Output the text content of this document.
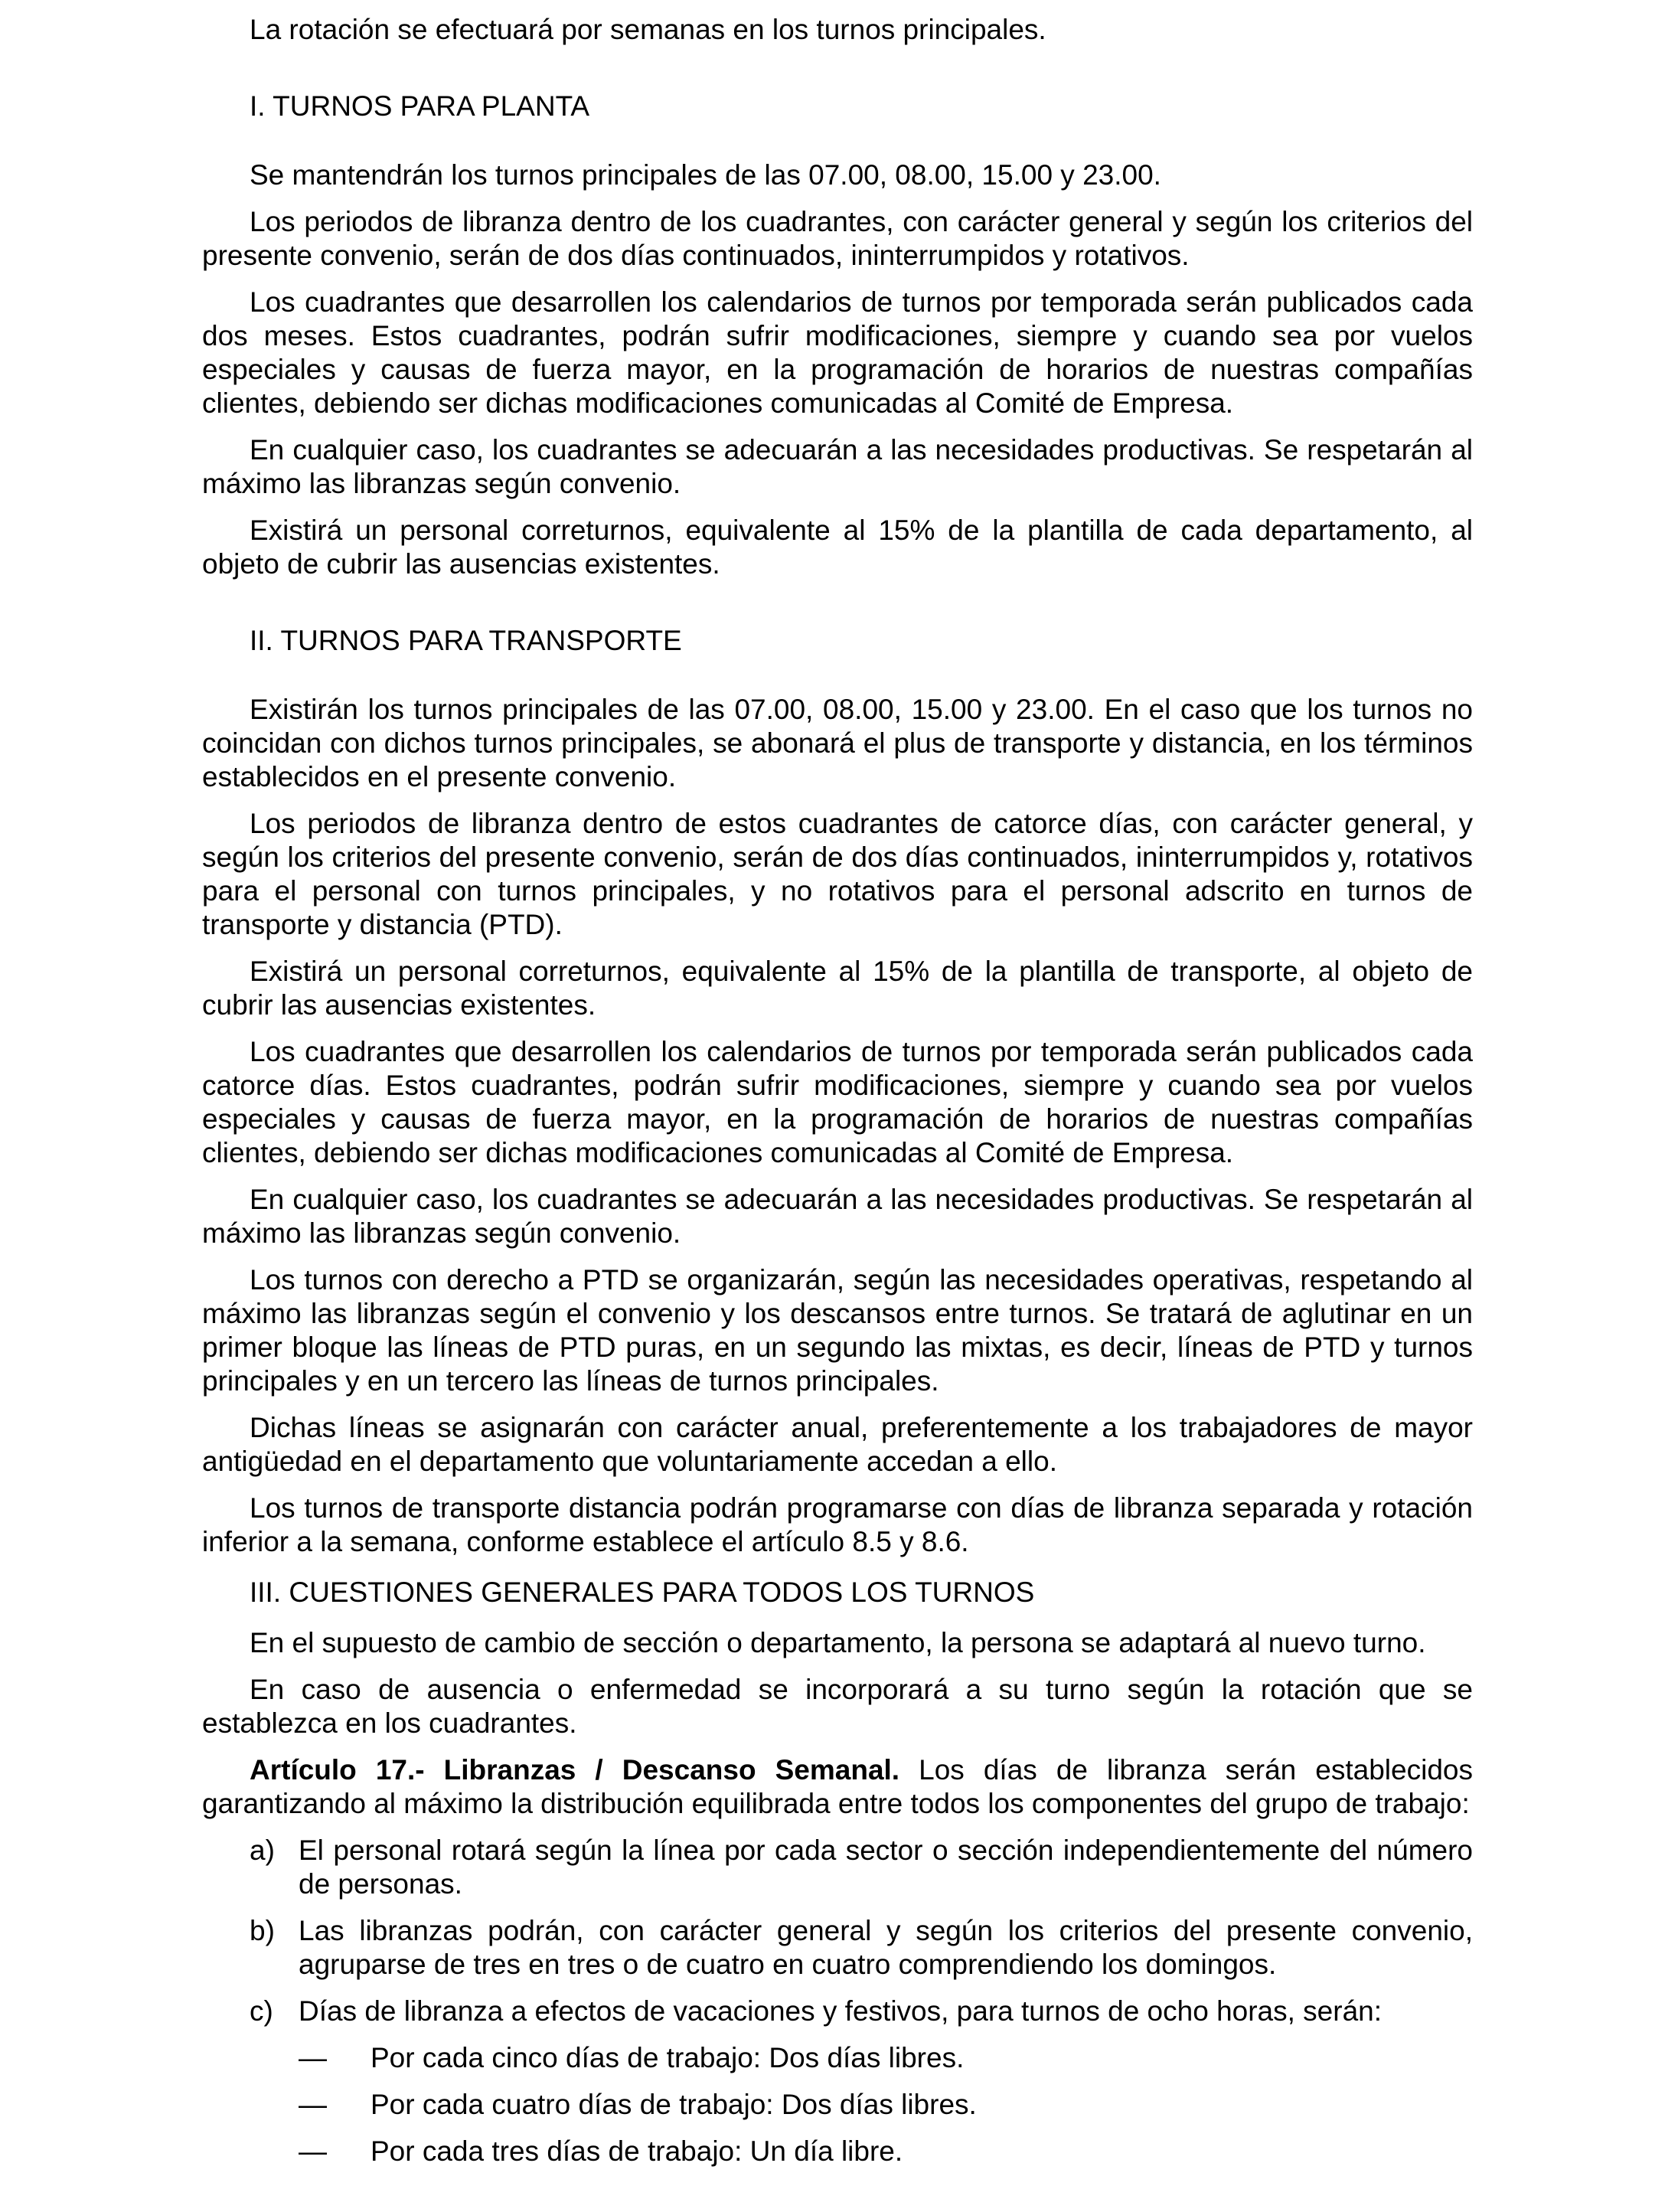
La rotación se efectuará por semanas en los turnos principales.

I. TURNOS PARA PLANTA

Se mantendrán los turnos principales de las 07.00, 08.00, 15.00 y 23.00.

Los periodos de libranza dentro de los cuadrantes, con carácter general y según los criterios del presente convenio, serán de dos días continuados, ininterrumpidos y rotativos.

Los cuadrantes que desarrollen los calendarios de turnos por temporada serán publicados cada dos meses. Estos cuadrantes, podrán sufrir modificaciones, siempre y cuando sea por vuelos especiales y causas de fuerza mayor, en la programación de horarios de nuestras compañías clientes, debiendo ser dichas modificaciones comunicadas al Comité de Empresa.

En cualquier caso, los cuadrantes se adecuarán a las necesidades productivas. Se respetarán al máximo las libranzas según convenio.

Existirá un personal correturnos, equivalente al 15% de la plantilla de cada departamento, al objeto de cubrir las ausencias existentes.

II. TURNOS PARA TRANSPORTE

Existirán los turnos principales de las 07.00, 08.00, 15.00 y 23.00. En el caso que los turnos no coincidan con dichos turnos principales, se abonará el plus de transporte y distancia, en los términos establecidos en el presente convenio.

Los periodos de libranza dentro de estos cuadrantes de catorce días, con carácter general, y según los criterios del presente convenio, serán de dos días continuados, ininterrumpidos y, rotativos para el personal con turnos principales, y no rotativos para el personal adscrito en turnos de transporte y distancia (PTD).

Existirá un personal correturnos, equivalente al 15% de la plantilla de transporte, al objeto de cubrir las ausencias existentes.

Los cuadrantes que desarrollen los calendarios de turnos por temporada serán publicados cada catorce días. Estos cuadrantes, podrán sufrir modificaciones, siempre y cuando sea por vuelos especiales y causas de fuerza mayor, en la programación de horarios de nuestras compañías clientes, debiendo ser dichas modificaciones comunicadas al Comité de Empresa.

En cualquier caso, los cuadrantes se adecuarán a las necesidades productivas. Se respetarán al máximo las libranzas según convenio.

Los turnos con derecho a PTD se organizarán, según las necesidades operativas, respetando al máximo las libranzas según el convenio y los descansos entre turnos. Se tratará de aglutinar en un primer bloque las líneas de PTD puras, en un segundo las mixtas, es decir, líneas de PTD y turnos principales y en un tercero las líneas de turnos principales.

Dichas líneas se asignarán con carácter anual, preferentemente a los trabajadores de mayor antigüedad en el departamento que voluntariamente accedan a ello.

Los turnos de transporte distancia podrán programarse con días de libranza separada y rotación inferior a la semana, conforme establece el artículo 8.5 y 8.6.

III. CUESTIONES GENERALES PARA TODOS LOS TURNOS

En el supuesto de cambio de sección o departamento, la persona se adaptará al nuevo turno.

En caso de ausencia o enfermedad se incorporará a su turno según la rotación que se establezca en los cuadrantes.

Artículo 17.- Libranzas / Descanso Semanal. Los días de libranza serán establecidos garantizando al máximo la distribución equilibrada entre todos los componentes del grupo de trabajo:

a) El personal rotará según la línea por cada sector o sección independientemente del número de personas.
b) Las libranzas podrán, con carácter general y según los criterios del presente convenio, agruparse de tres en tres o de cuatro en cuatro comprendiendo los domingos.
c) Días de libranza a efectos de vacaciones y festivos, para turnos de ocho horas, serán:
—	Por cada cinco días de trabajo: Dos días libres.
—	Por cada cuatro días de trabajo: Dos días libres.
—	Por cada tres días de trabajo: Un día libre.
